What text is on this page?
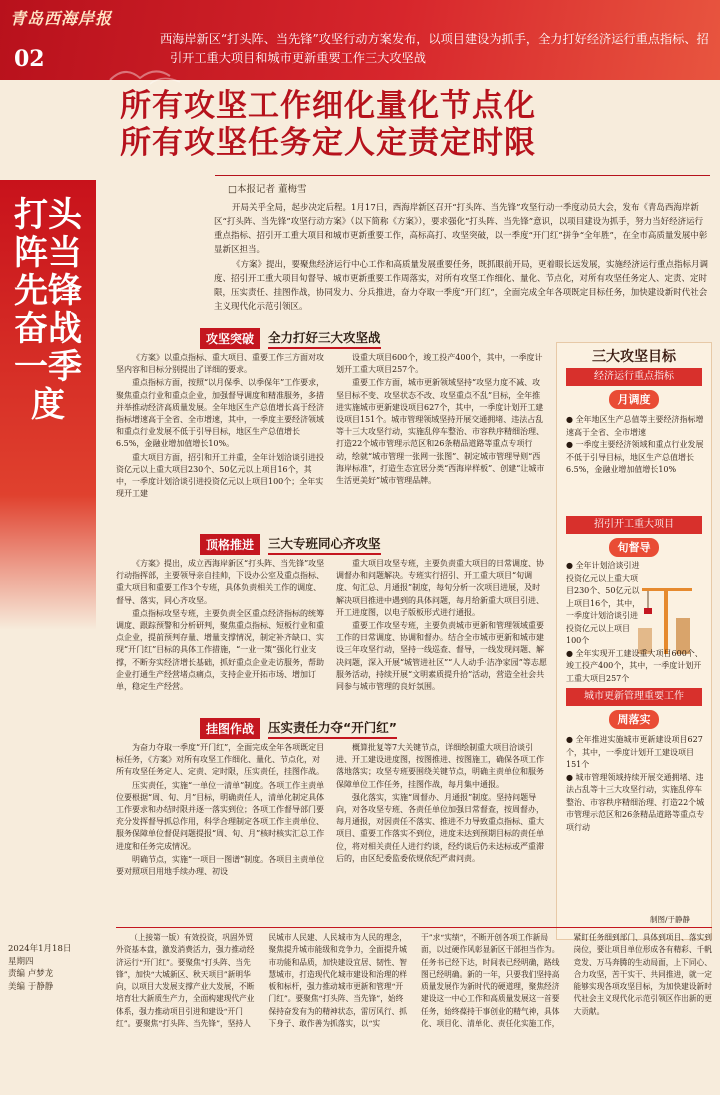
青岛西海岸报
02
西海岸新区“打头阵、当先锋”攻坚行动方案发布，以项目建设为抓手，全力打好经济运行重点指标、招引开工重大项目和城市更新重要工作三大攻坚战
所有攻坚工作细化量化节点化
所有攻坚任务定人定责定时限
打头
阵当
先锋
奋战
一季
度
□本报记者 董梅雪

开局关乎全局，起步决定后程。1月17日，西海岸新区召开“打头阵、当先锋”攻坚行动一季度动员大会，发布《青岛西海岸新区“打头阵、当先锋”攻坚行动方案》（以下简称《方案》），要求强化“打头阵、当先锋”意识，以项目建设为抓手，努力当好经济运行重点指标、招引开工重大项目和城市更新重要工作，高标高打、攻坚突破，以一季度“开门红”拼争“全年胜”，在全市高质量发展中彰显新区担当。

《方案》提出，要聚焦经济运行中心工作和高质量发展重要任务，既抓眼前开局，更着眼长远发展，实施经济运行重点指标月调度、招引开工重大项目旬督导、城市更新重要工作周落实，对所有攻坚工作细化、量化、节点化，对所有攻坚任务定人、定责、定时限，压实责任、挂图作战，协同发力、分兵推进，奋力夺取一季度“开门红”，全面完成全年各项既定目标任务，加快建设新时代社会主义现代化示范引领区。

攻坚突破	全力打好三大攻坚战

《方案》以重点指标、重大项目、重要工作三方面对攻坚内容和目标分别提出了详细的要求。

重点指标方面，按照“以月保季、以季保年”工作要求，聚焦重点行业和重点企业，加强督导调度和精准服务，多措并举推动经济高质量发展。全年地区生产总值增长高于经济指标增速高于全省、全市增速，其中，一季度主要经济领域和重点行业发展不低于引导目标，地区生产总值增长6.5%，金融业增加值增长10%。

重大项目方面，招引和开工并重，全年计划洽谈引进投资亿元以上重大项目230个、50亿元以上项目16个，其中，一季度计划洽谈引进投资亿元以上项目100个；全年实现开工建

设重大项目600个，竣工投产400个，其中，一季度计划开工重大项目257个。

重要工作方面，城市更新领域坚持“攻坚力度不减、攻坚目标不变、攻坚状态不改、攻坚重点不乱”目标，全年推进实施城市更新建设项目627个，其中，一季度计划开工建设项目151个。城市管理领域坚持开展交通拥堵、违法占乱等十三大攻坚行动，实施乱停车整治、市容秩序精细治理、打造22个城市管理示范区和26条精品道路等重点专项行动，绘就“城市管理一张网一张图”、制定城市管理导则“西海岸标准”，打造生态宜居分类“西海岸样板”、创建“让城市生活更美好”城市管理品牌。

顶格推进	三大专班同心齐攻坚

《方案》提出，成立西海岸新区“打头阵、当先锋”攻坚行动指挥部，主要领导亲自挂帅，下设办公室及重点指标、重大项目和重要工作3个专班，具体负责相关工作的调度、督导、落实，同心齐攻坚。

重点指标攻坚专班，主要负责全区重点经济指标的统筹调度、跟踪预警和分析研判，聚焦重点指标、短板行业和重点企业，提前预判存量、增量支撑情况，制定补齐缺口、实现“开门红”目标的具体工作措施，“一业一策”强化行业支撑，不断夯实经济增长基础，抓好重点企业走访服务，帮助企业打通生产经营堵点痛点，支持企业开拓市场、增加订单，稳定生产经营。

重大项目攻坚专班，主要负责重大项目的日常调度、协调督办和问题解决。专班实行招引、开工重大项目“旬调度、旬汇总、月通报”制度，每旬分析一次项目进展，及时解决项目推进中遇到的具体问题，每月给新重大项目引进、开工进度图，以电子版板形式进行通报。

重要工作攻坚专班，主要负责城市更新和管理领域重要工作的日常调度、协调和督办。结合全市城市更新和城市建设三年攻坚行动，坚持一线巡查、督导，一线发现问题、解决问题，深入开展“城管进社区”“人人动手·洁净家园”等志愿服务活动，持续开展“文明素质提升拾”活动，营造全社会共同参与城市管理的良好氛围。

挂图作战	压实责任力夺“开门红”

为奋力夺取一季度“开门红”，全面完成全年各项既定目标任务，《方案》对所有攻坚工作细化、量化、节点化，对所有攻坚任务定人、定责、定时限，压实责任，挂图作战。

压实责任，实施“一单位一清单”制度。各项工作主责单位要根据“周、旬、月”目标，明确责任人，清单化制定具体工作要求和办结时限并逐一落实到位；各项工作督导部门要充分发挥督导抓总作用，科学合理制定各项工作主责单位、服务保障单位督促问题提报“周、旬、月”核时核实汇总工作进度和任务完成情况。

明确节点，实施“一项目一图谱”制度。各项目主责单位要对照项目用地手续办理、初设

概算批复等7大关键节点，详细绘制重大项目洽谈引进、开工建设进度图，按图推进、按图施工，确保各项工作落地落实；攻坚专班要围绕关键节点，明确主责单位和服务保障单位工作任务，挂图作战，每月集中通报。

强化落实，实施“周督办、月通报”制度。坚持问题导向，对各攻坚专班、各责任单位加强日常督查，按周督办，每月通报，对因责任不落实、推进不力导致重点指标、重大项目、重要工作落实不到位，进度未达到预期目标的责任单位，将对相关责任人进行约谈，经约谈后仍未达标或严重滞后的，由区纪委监委依规依纪严肃问责。

三大攻坚目标
经济运行重点指标
月调度

● 全年地区生产总值等主要经济指标增速高于全省、全市增速

● 一季度主要经济领域和重点行业发展不低于引导目标，地区生产总值增长6.5%，金融业增加值增长10%

招引开工重大项目
旬督导

● 全年计划洽谈引进投资亿元以上重大项目230个、50亿元以上项目16个，其中，一季度计划洽谈引进投资亿元以上项目100个

● 全年实现开工建设重大项目600个、竣工投产400个，其中，一季度计划开工重大项目257个

城市更新管理重要工作
周落实

● 全年推进实施城市更新建设项目627个，其中，一季度计划开工建设项目151个

● 城市管理领域持续开展交通拥堵、违法占乱等十三大攻坚行动，实施乱停车整治、市容秩序精细治理、打造22个城市管理示范区和26条精品道路等重点专项行动

制图/于静静
2024年1月18日
星期四
责编 卢梦龙
美编 于静静
（上接第一版）有效投资，巩固外贸外资基本盘，激发消费活力，强力推动经济运行“开门红”。要聚焦“打头阵、当先锋”，加快“大城新区、秋天项目”新明华向，以项目大发展支撑产业大发展，不断培育壮大新质生产力，全面构建现代产业体系，强力推动项目引进和建设“开门红”。要聚焦“打头阵、当先锋”，坚持人民城市人民建、人民城市为人民的理念，聚焦提升城市能级和竞争力，全面提升城市功能和品质，加快建设宜居、韧性、智慧城市，打造现代化城市建设和治理的样板和标杆，强力推动城市更新和管理“开门红”。要聚焦“打头阵、当先锋”，始终保持奋发有为的精神状态，雷厉风行、抓下身子、敢作善为抓落实，以“实干”求“实绩”，不断开创各项工作新局面，以过硬作风彰显新区干部担当作为。任务书已经下达，时间表已经明确，路线图已经明确。新的一年，只要我们坚持高质量发展作为新时代的硬道理，聚焦经济建设这一中心工作和高质量发展这一首要任务，始终葆持干事创业的精气神，具体化、项目化、清单化、责任化实施工作，紧盯任务细到部门、具体到项目、落实到岗位，要让项目单位形成各有精彩、千帆竞发、万马奔腾的生动局面，上下同心、合力攻坚，苦干实干、共同推进，就一定能够实现各项攻坚目标，为加快建设新时代社会主义现代化示范引领区作出新的更大贡献。
